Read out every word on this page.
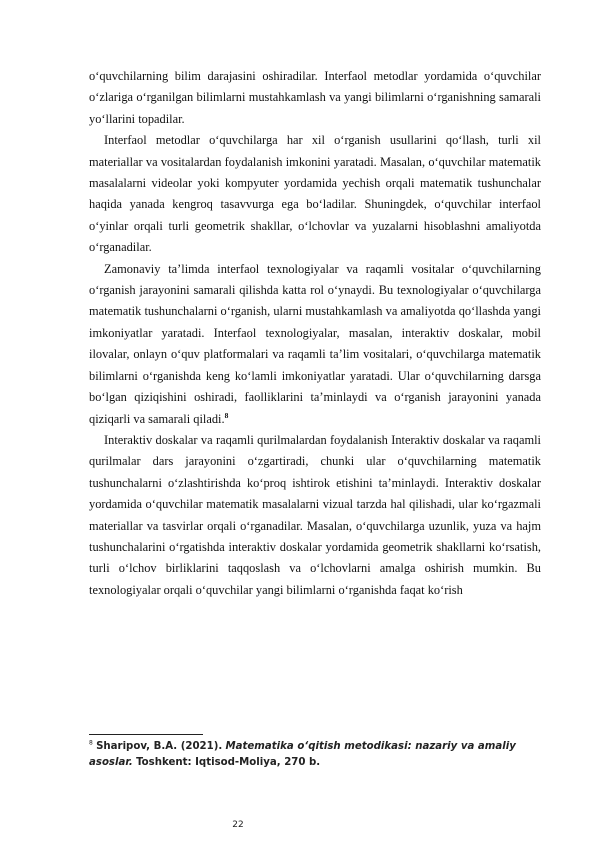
o‘quvchilarning bilim darajasini oshiradilar. Interfaol metodlar yordamida o‘quvchilar o‘zlariga o‘rganilgan bilimlarni mustahkamlash va yangi bilimlarni o‘rganishning samarali yo‘llarini topadilar.

Interfaol metodlar o‘quvchilarga har xil o‘rganish usullarini qo‘llash, turli xil materiallar va vositalardan foydalanish imkonini yaratadi. Masalan, o‘quvchilar matematik masalalarni videolar yoki kompyuter yordamida yechish orqali matematik tushunchalar haqida yanada kengroq tasavvurga ega bo‘ladilar. Shuningdek, o‘quvchilar interfaol o‘yinlar orqali turli geometrik shakllar, o‘lchovlar va yuzalarni hisoblashni amaliyotda o‘rganadilar.

Zamonaviy ta’limda interfaol texnologiyalar va raqamli vositalar o‘quvchilarning o‘rganish jarayonini samarali qilishda katta rol o‘ynaydi. Bu texnologiyalar o‘quvchilarga matematik tushunchalarni o‘rganish, ularni mustahkamlash va amaliyotda qo‘llashda yangi imkoniyatlar yaratadi. Interfaol texnologiyalar, masalan, interaktiv doskalar, mobil ilovalar, onlayn o‘quv platformalari va raqamli ta’lim vositalari, o‘quvchilarga matematik bilimlarni o‘rganishda keng ko‘lamli imkoniyatlar yaratadi. Ular o‘quvchilarning darsga bo‘lgan qiziqishini oshiradi, faolliklarini ta’minlaydi va o‘rganish jarayonini yanada qiziqarli va samarali qiladi.$^8$

Interaktiv doskalar va raqamli qurilmalardan foydalanish Interaktiv doskalar va raqamli qurilmalar dars jarayonini o‘zgartiradi, chunki ular o‘quvchilarning matematik tushunchalarni o‘zlashtirishda ko‘proq ishtirok etishini ta’minlaydi. Interaktiv doskalar yordamida o‘quvchilar matematik masalalarni vizual tarzda hal qilishadi, ular ko‘rgazmali materiallar va tasvirlar orqali o‘rganadilar. Masalan, o‘quvchilarga uzunlik, yuza va hajm tushunchalarini o‘rgatishda interaktiv doskalar yordamida geometrik shakllarni ko‘rsatish, turli o‘lchov birliklarini taqqoslash va o‘lchovlarni amalga oshirish mumkin. Bu texnologiyalar orqali o‘quvchilar yangi bilimlarni o‘rganishda faqat ko‘rish

$^8$ Sharipov, B.A. (2021). Matematika o‘qitish metodikasi: nazariy va amaliy asoslar. Toshkent: Iqtisod-Moliya, 270 b.
22
